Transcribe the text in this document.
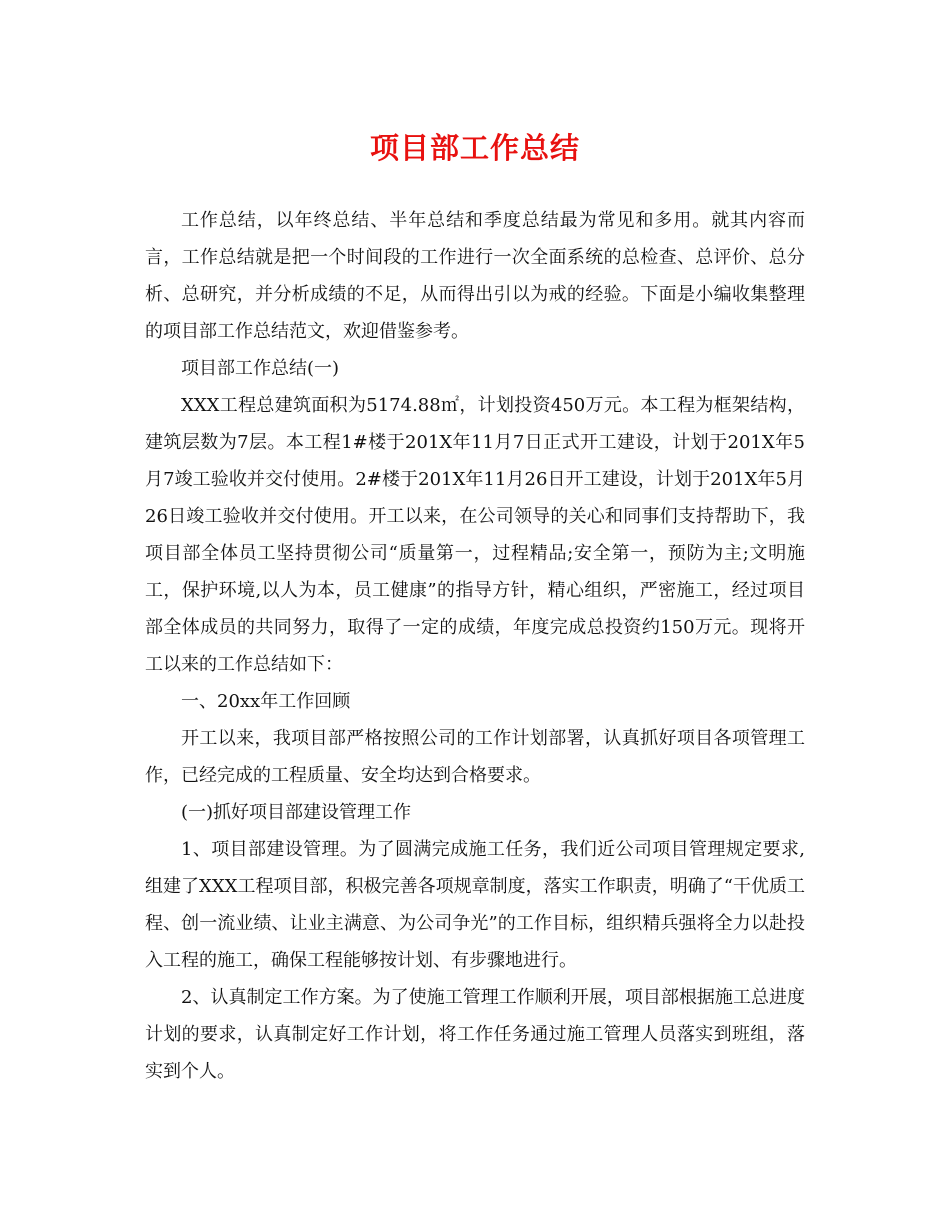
项目部工作总结

工作总结，以年终总结、半年总结和季度总结最为常见和多用。就其内容而言，工作总结就是把一个时间段的工作进行一次全面系统的总检查、总评价、总分析、总研究，并分析成绩的不足，从而得出引以为戒的经验。下面是小编收集整理的项目部工作总结范文，欢迎借鉴参考。

项目部工作总结(一)

XXX工程总建筑面积为5174.88㎡，计划投资450万元。本工程为框架结构，建筑层数为7层。本工程1#楼于201X年11月7日正式开工建设，计划于201X年5月7竣工验收并交付使用。2#楼于201X年11月26日开工建设，计划于201X年5月26日竣工验收并交付使用。开工以来，在公司领导的关心和同事们支持帮助下，我项目部全体员工坚持贯彻公司“质量第一，过程精品;安全第一，预防为主;文明施工，保护环境,以人为本，员工健康”的指导方针，精心组织，严密施工，经过项目部全体成员的共同努力，取得了一定的成绩，年度完成总投资约150万元。现将开工以来的工作总结如下：

一、20xx年工作回顾

开工以来，我项目部严格按照公司的工作计划部署，认真抓好项目各项管理工作，已经完成的工程质量、安全均达到合格要求。

(一)抓好项目部建设管理工作

1、项目部建设管理。为了圆满完成施工任务，我们近公司项目管理规定要求,组建了XXX工程项目部，积极完善各项规章制度，落实工作职责，明确了“干优质工程、创一流业绩、让业主满意、为公司争光”的工作目标，组织精兵强将全力以赴投入工程的施工，确保工程能够按计划、有步骤地进行。

2、认真制定工作方案。为了使施工管理工作顺利开展，项目部根据施工总进度计划的要求，认真制定好工作计划，将工作任务通过施工管理人员落实到班组，落实到个人。
